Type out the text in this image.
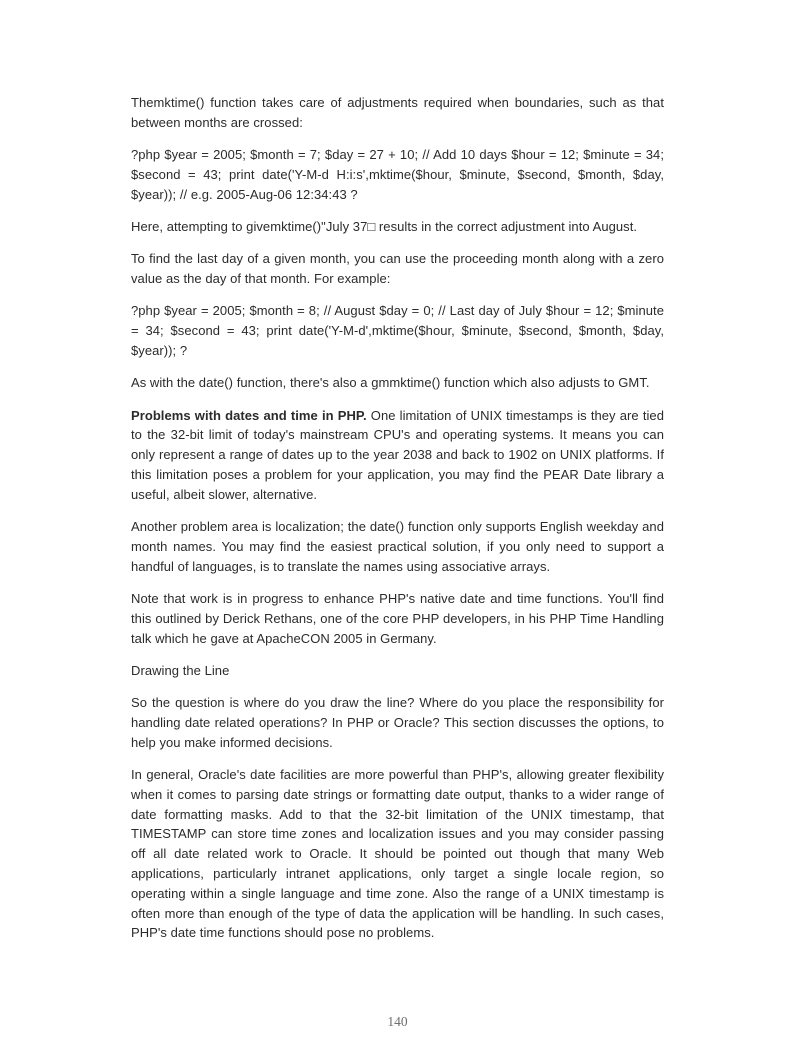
Themktime() function takes care of adjustments required when boundaries, such as that between months are crossed:

?php $year = 2005; $month = 7; $day = 27 + 10; // Add 10 days $hour = 12; $minute = 34; $second = 43; print date('Y-M-d H:i:s',mktime($hour, $minute, $second, $month, $day, $year)); // e.g. 2005-Aug-06 12:34:43 ?

Here, attempting to givemktime()"July 37□ results in the correct adjustment into August.

To find the last day of a given month, you can use the proceeding month along with a zero value as the day of that month. For example:

?php $year = 2005; $month = 8; // August $day = 0; // Last day of July $hour = 12; $minute = 34; $second = 43; print date('Y-M-d',mktime($hour, $minute, $second, $month, $day, $year)); ?

As with the date() function, there's also a gmmktime() function which also adjusts to GMT.

Problems with dates and time in PHP. One limitation of UNIX timestamps is they are tied to the 32-bit limit of today's mainstream CPU's and operating systems. It means you can only represent a range of dates up to the year 2038 and back to 1902 on UNIX platforms. If this limitation poses a problem for your application, you may find the PEAR Date library a useful, albeit slower, alternative.

Another problem area is localization; the date() function only supports English weekday and month names. You may find the easiest practical solution, if you only need to support a handful of languages, is to translate the names using associative arrays.

Note that work is in progress to enhance PHP's native date and time functions. You'll find this outlined by Derick Rethans, one of the core PHP developers, in his PHP Time Handling talk which he gave at ApacheCON 2005 in Germany.

Drawing the Line

So the question is where do you draw the line? Where do you place the responsibility for handling date related operations? In PHP or Oracle? This section discusses the options, to help you make informed decisions.

In general, Oracle's date facilities are more powerful than PHP's, allowing greater flexibility when it comes to parsing date strings or formatting date output, thanks to a wider range of date formatting masks. Add to that the 32-bit limitation of the UNIX timestamp, that TIMESTAMP can store time zones and localization issues and you may consider passing off all date related work to Oracle. It should be pointed out though that many Web applications, particularly intranet applications, only target a single locale region, so operating within a single language and time zone. Also the range of a UNIX timestamp is often more than enough of the type of data the application will be handling. In such cases, PHP's date time functions should pose no problems.

140
